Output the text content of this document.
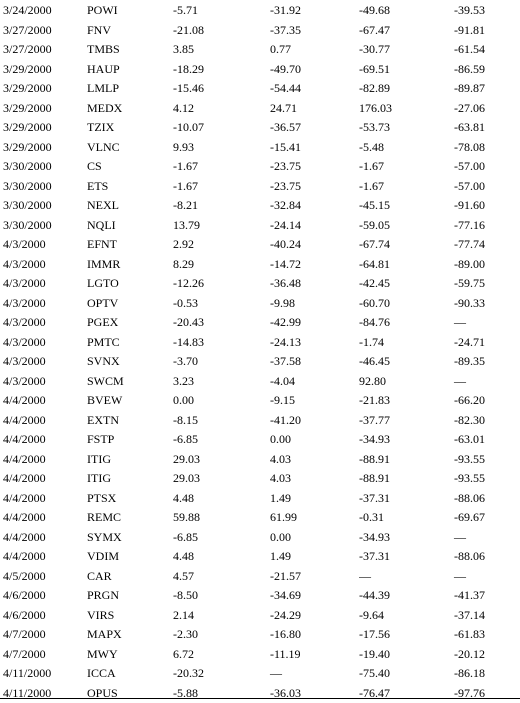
3/24/2000	POWI	-5.71	-31.92	-49.68	-39.53
3/27/2000	FNV	-21.08	-37.35	-67.47	-91.81
3/27/2000	TMBS	3.85	0.77	-30.77	-61.54
3/29/2000	HAUP	-18.29	-49.70	-69.51	-86.59
3/29/2000	LMLP	-15.46	-54.44	-82.89	-89.87
3/29/2000	MEDX	4.12	24.71	176.03	-27.06
3/29/2000	TZIX	-10.07	-36.57	-53.73	-63.81
3/29/2000	VLNC	9.93	-15.41	-5.48	-78.08
3/30/2000	CS	-1.67	-23.75	-1.67	-57.00
3/30/2000	ETS	-1.67	-23.75	-1.67	-57.00
3/30/2000	NEXL	-8.21	-32.84	-45.15	-91.60
3/30/2000	NQLI	13.79	-24.14	-59.05	-77.16
4/3/2000	EFNT	2.92	-40.24	-67.74	-77.74
4/3/2000	IMMR	8.29	-14.72	-64.81	-89.00
4/3/2000	LGTO	-12.26	-36.48	-42.45	-59.75
4/3/2000	OPTV	-0.53	-9.98	-60.70	-90.33
4/3/2000	PGEX	-20.43	-42.99	-84.76	—
4/3/2000	PMTC	-14.83	-24.13	-1.74	-24.71
4/3/2000	SVNX	-3.70	-37.58	-46.45	-89.35
4/3/2000	SWCM	3.23	-4.04	92.80	—
4/4/2000	BVEW	0.00	-9.15	-21.83	-66.20
4/4/2000	EXTN	-8.15	-41.20	-37.77	-82.30
4/4/2000	FSTP	-6.85	0.00	-34.93	-63.01
4/4/2000	ITIG	29.03	4.03	-88.91	-93.55
4/4/2000	ITIG	29.03	4.03	-88.91	-93.55
4/4/2000	PTSX	4.48	1.49	-37.31	-88.06
4/4/2000	REMC	59.88	61.99	-0.31	-69.67
4/4/2000	SYMX	-6.85	0.00	-34.93	—
4/4/2000	VDIM	4.48	1.49	-37.31	-88.06
4/5/2000	CAR	4.57	-21.57	—	—
4/6/2000	PRGN	-8.50	-34.69	-44.39	-41.37
4/6/2000	VIRS	2.14	-24.29	-9.64	-37.14
4/7/2000	MAPX	-2.30	-16.80	-17.56	-61.83
4/7/2000	MWY	6.72	-11.19	-19.40	-20.12
4/11/2000	ICCA	-20.32	—	-75.40	-86.18
4/11/2000	OPUS	-5.88	-36.03	-76.47	-97.76
